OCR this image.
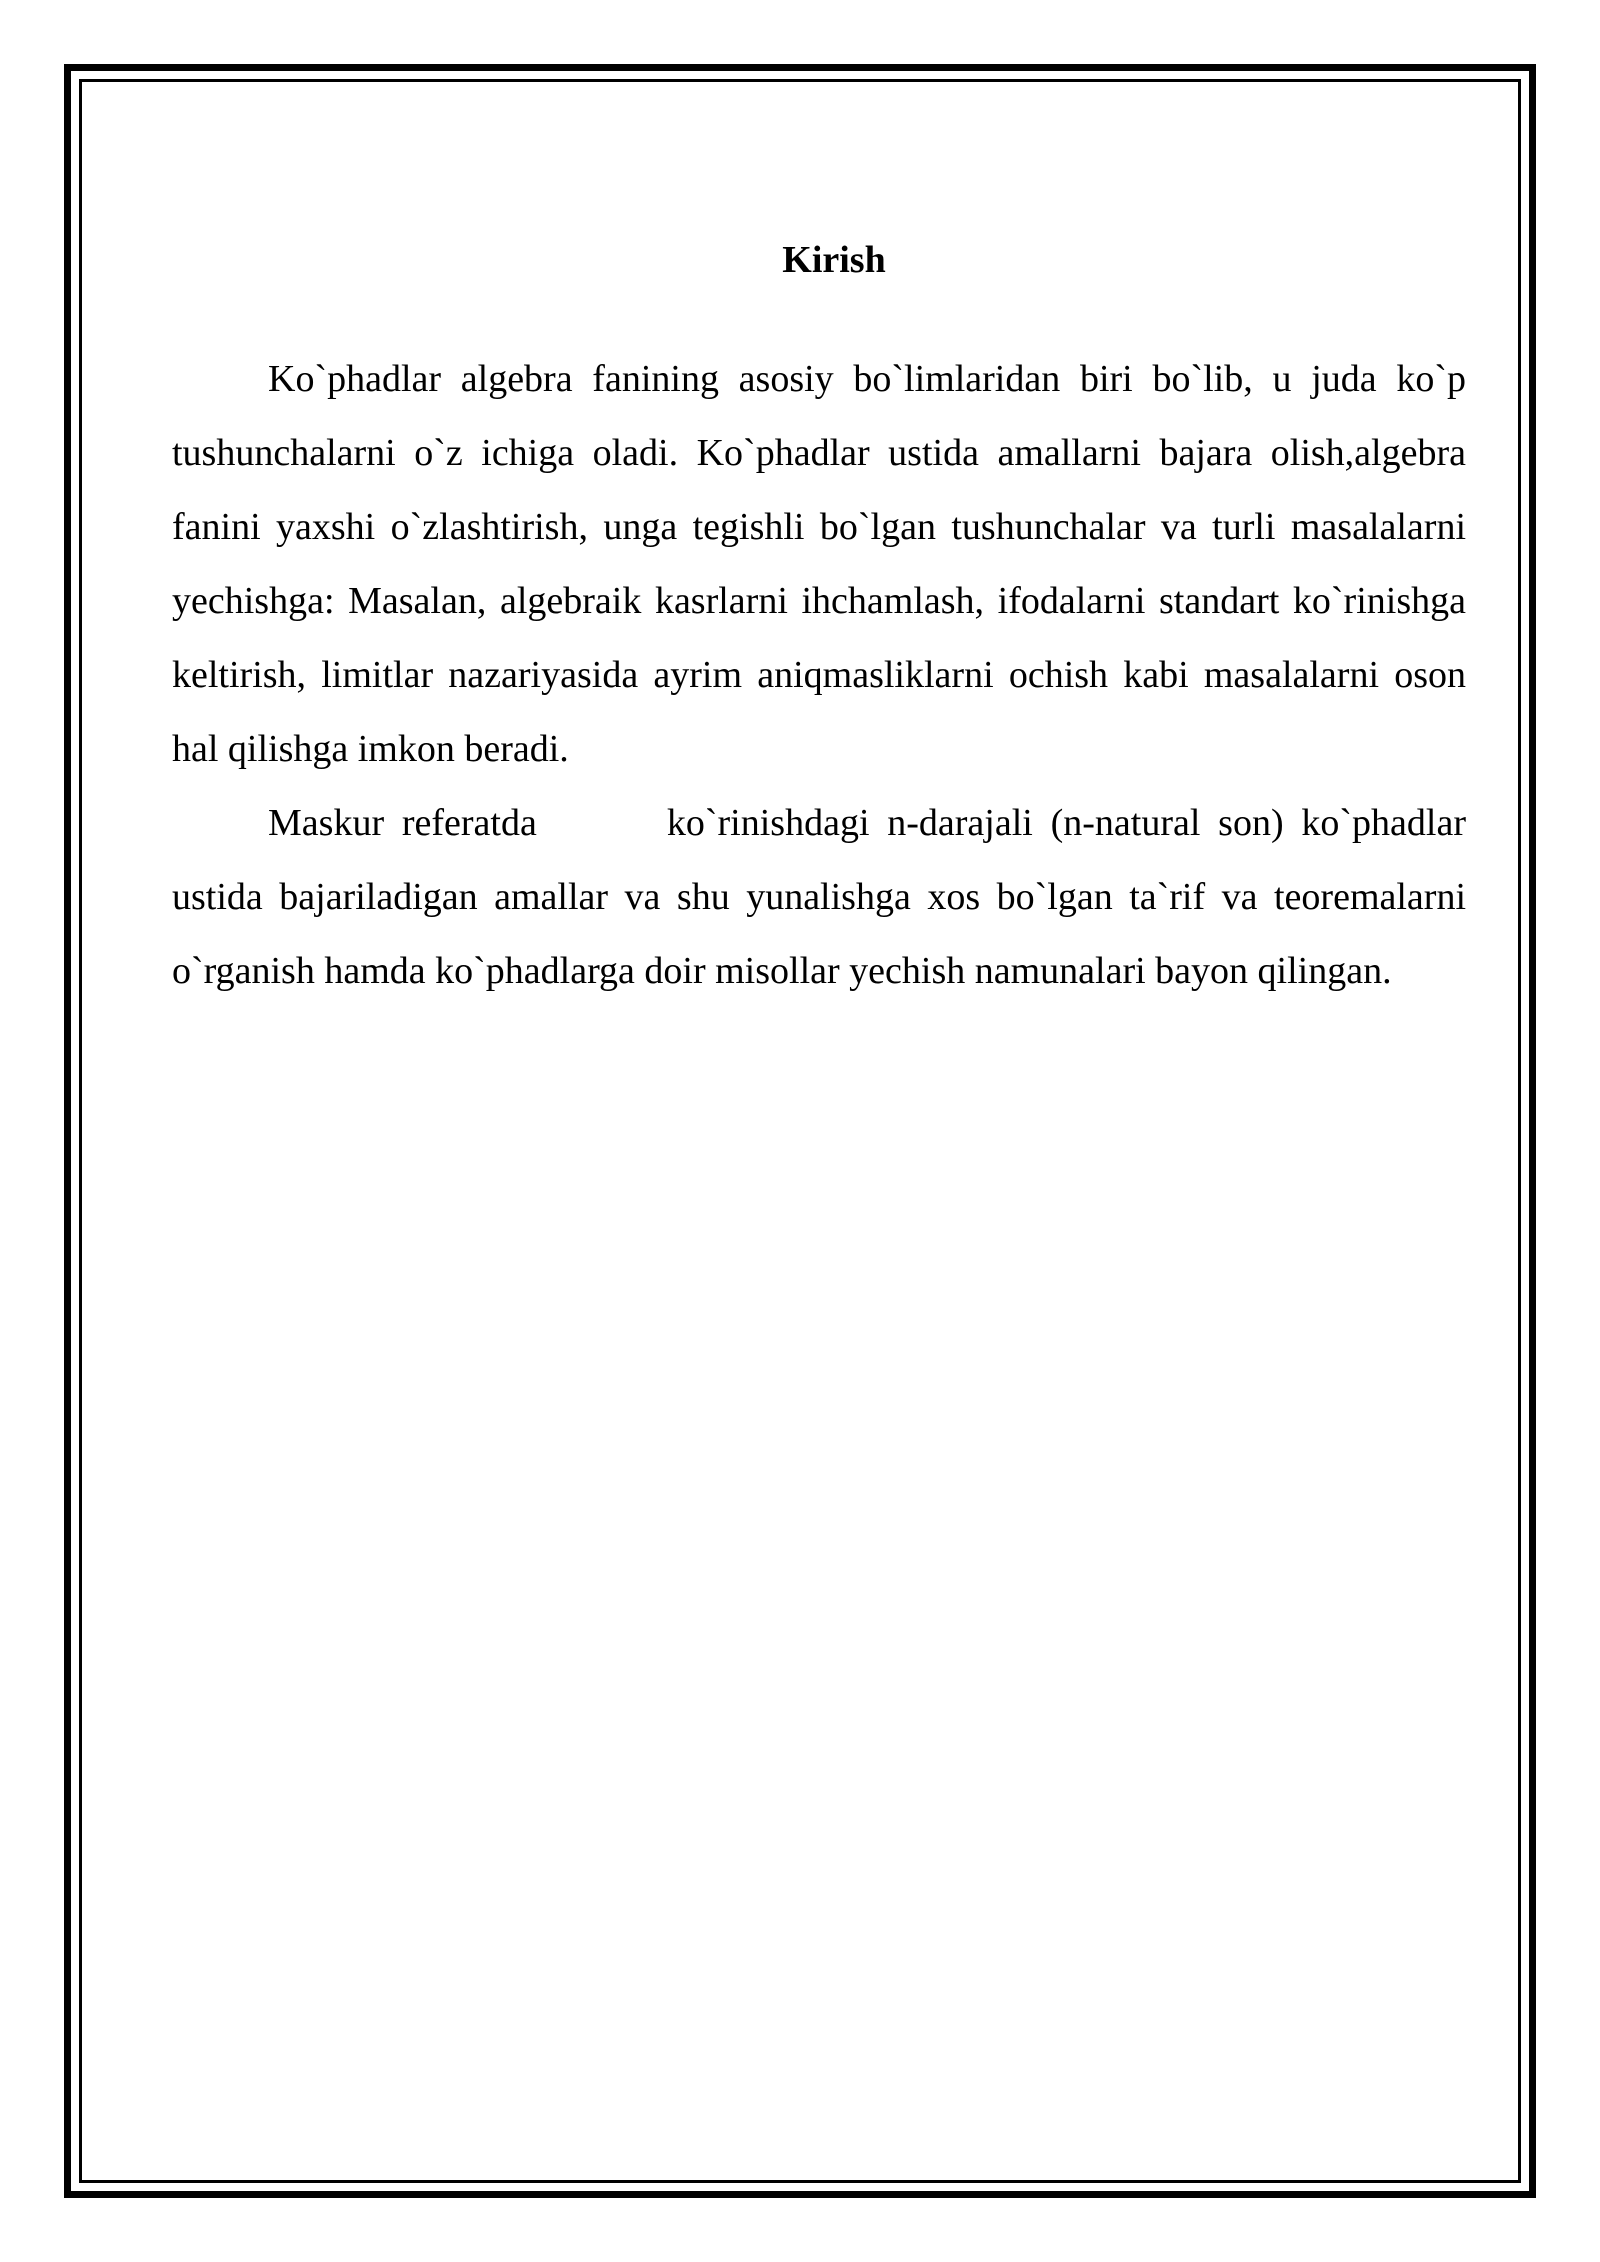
Kirish

Ko`phadlar algebra fanining asosiy bo`limlaridan biri bo`lib, u juda ko`p tushunchalarni o`z ichiga oladi. Ko`phadlar ustida amallarni bajara olish,algebra fanini yaxshi o`zlashtirish, unga tegishli bo`lgan tushunchalar va turli masalalarni yechishga: Masalan, algebraik kasrlarni ihchamlash, ifodalarni standart ko`rinishga keltirish, limitlar nazariyasida ayrim aniqmasliklarni ochish kabi masalalarni oson hal qilishga imkon beradi.

Maskur referatda	ko`rinishdagi n-darajali (n-natural son) ko`phadlar ustida bajariladigan amallar va shu yunalishga xos bo`lgan ta`rif va teoremalarni o`rganish hamda ko`phadlarga doir misollar yechish namunalari bayon qilingan.
